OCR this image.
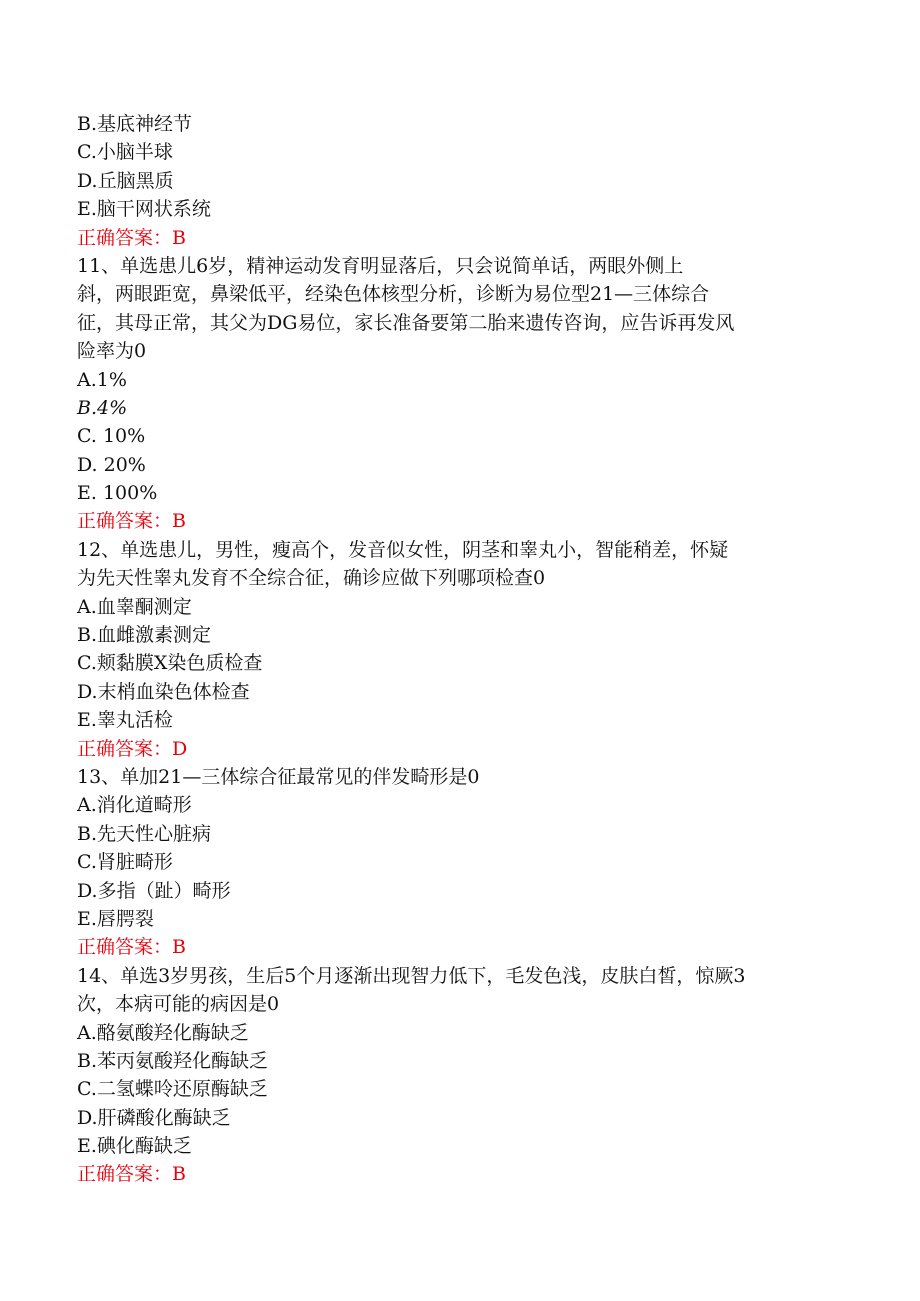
B.基底神经节
C.小脑半球
D.丘脑黑质
E.脑干网状系统
正确答案：B
11、单选患儿6岁，精神运动发育明显落后，只会说简单话，两眼外侧上
斜，两眼距宽，鼻梁低平，经染色体核型分析，诊断为易位型21—三体综合
征，其母正常，其父为DG易位，家长准备要第二胎来遗传咨询，应告诉再发风
险率为0
A.1%
B.4%
C. 10%
D. 20%
E. 100%
正确答案：B
12、单选患儿，男性，瘦高个，发音似女性，阴茎和睾丸小，智能稍差，怀疑
为先天性睾丸发育不全综合征，确诊应做下列哪项检查0
A.血睾酮测定
B.血雌激素测定
C.颊黏膜X染色质检查
D.末梢血染色体检查
E.睾丸活检
正确答案：D
13、单加21—三体综合征最常见的伴发畸形是0
A.消化道畸形
B.先天性心脏病
C.肾脏畸形
D.多指（趾）畸形
E.唇腭裂
正确答案：B
14、单选3岁男孩，生后5个月逐渐出现智力低下，毛发色浅，皮肤白皙，惊厥3
次，本病可能的病因是0
A.酪氨酸羟化酶缺乏
B.苯丙氨酸羟化酶缺乏
C.二氢蝶呤还原酶缺乏
D.肝磷酸化酶缺乏
E.碘化酶缺乏
正确答案：B
